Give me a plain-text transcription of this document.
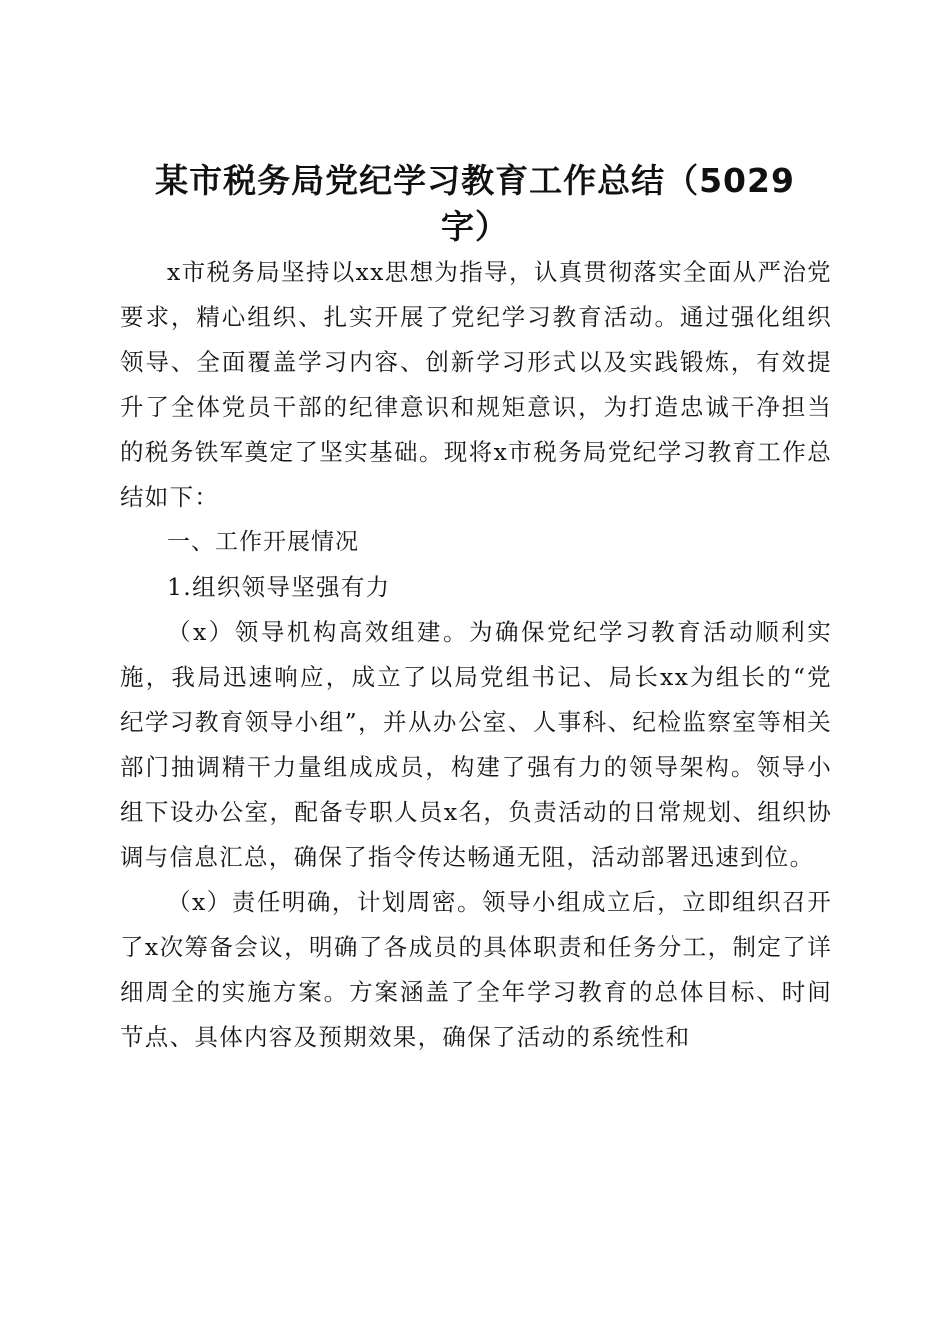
某市税务局党纪学习教育工作总结（5029
字）

x市税务局坚持以xx思想为指导，认真贯彻落实全面从严治党要求，精心组织、扎实开展了党纪学习教育活动。通过强化组织领导、全面覆盖学习内容、创新学习形式以及实践锻炼，有效提升了全体党员干部的纪律意识和规矩意识，为打造忠诚干净担当的税务铁军奠定了坚实基础。现将x市税务局党纪学习教育工作总结如下：

一、工作开展情况

1.组织领导坚强有力

（x）领导机构高效组建。为确保党纪学习教育活动顺利实施，我局迅速响应，成立了以局党组书记、局长xx为组长的“党纪学习教育领导小组”，并从办公室、人事科、纪检监察室等相关部门抽调精干力量组成成员，构建了强有力的领导架构。领导小组下设办公室，配备专职人员x名，负责活动的日常规划、组织协调与信息汇总，确保了指令传达畅通无阻，活动部署迅速到位。

（x）责任明确，计划周密。领导小组成立后，立即组织召开了x次筹备会议，明确了各成员的具体职责和任务分工，制定了详细周全的实施方案。方案涵盖了全年学习教育的总体目标、时间节点、具体内容及预期效果，确保了活动的系统性和
